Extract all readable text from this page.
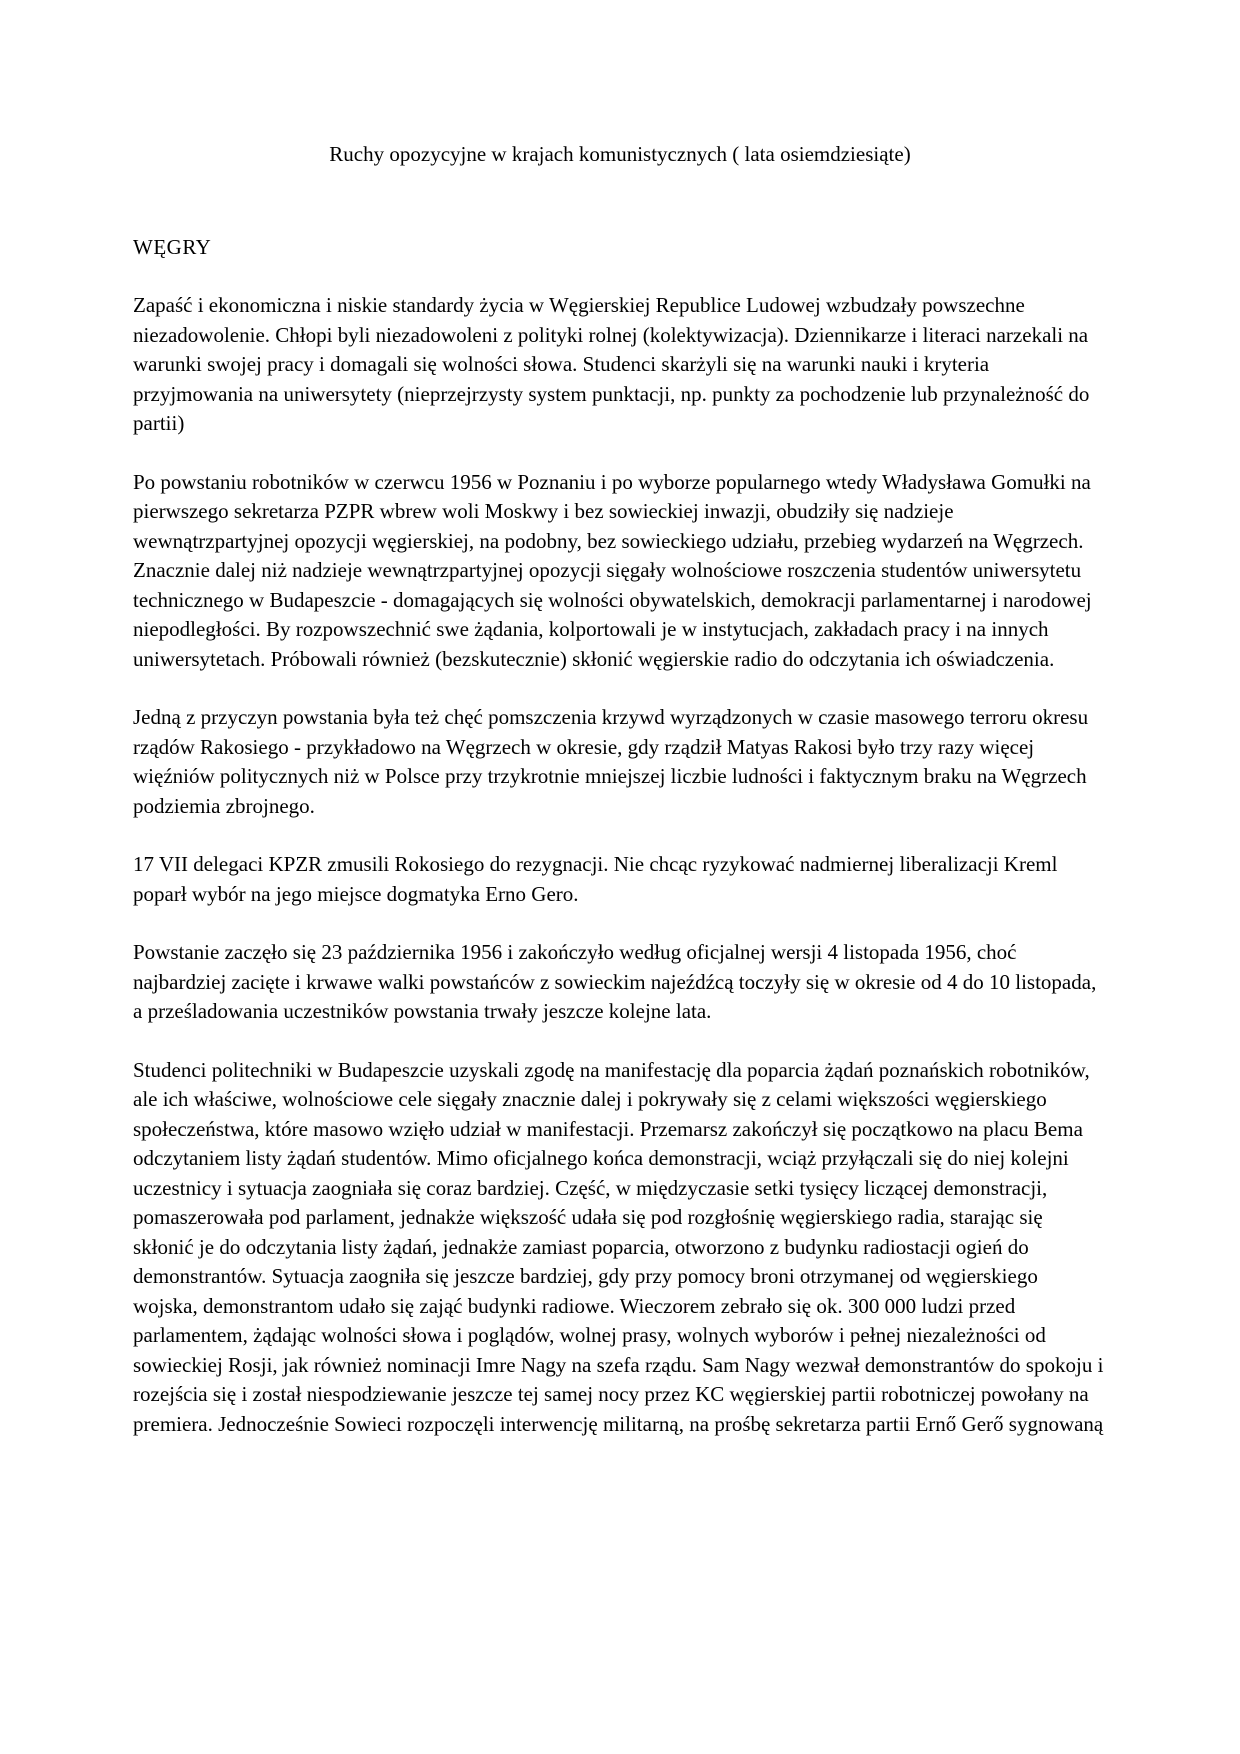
Ruchy opozycyjne w krajach komunistycznych ( lata osiemdziesiąte)

WĘGRY

Zapaść i ekonomiczna i niskie standardy życia w Węgierskiej Republice Ludowej wzbudzały powszechne niezadowolenie. Chłopi byli niezadowoleni z polityki rolnej (kolektywizacja). Dziennikarze i literaci narzekali na warunki swojej pracy i domagali się wolności słowa. Studenci skarżyli się na warunki nauki i kryteria przyjmowania na uniwersytety (nieprzejrzysty system punktacji, np. punkty za pochodzenie lub przynależność do partii)

Po powstaniu robotników w czerwcu 1956 w Poznaniu i po wyborze popularnego wtedy Władysława Gomułki na pierwszego sekretarza PZPR wbrew woli Moskwy i bez sowieckiej inwazji, obudziły się nadzieje wewnątrzpartyjnej opozycji węgierskiej, na podobny, bez sowieckiego udziału, przebieg wydarzeń na Węgrzech. Znacznie dalej niż nadzieje wewnątrzpartyjnej opozycji sięgały wolnościowe roszczenia studentów uniwersytetu technicznego w Budapeszcie - domagających się wolności obywatelskich, demokracji parlamentarnej i narodowej niepodległości. By rozpowszechnić swe żądania, kolportowali je w instytucjach, zakładach pracy i na innych uniwersytetach. Próbowali również (bezskutecznie) skłonić węgierskie radio do odczytania ich oświadczenia.

Jedną z przyczyn powstania była też chęć pomszczenia krzywd wyrządzonych w czasie masowego terroru okresu rządów Rakosiego - przykładowo na Węgrzech w okresie, gdy rządził Matyas Rakosi było trzy razy więcej więźniów politycznych niż w Polsce przy trzykrotnie mniejszej liczbie ludności i faktycznym braku na Węgrzech podziemia zbrojnego.

17 VII delegaci KPZR zmusili Rokosiego do rezygnacji. Nie chcąc ryzykować nadmiernej liberalizacji Kreml poparł wybór na jego miejsce dogmatyka Erno Gero.

Powstanie zaczęło się 23 października 1956 i zakończyło według oficjalnej wersji 4 listopada 1956, choć najbardziej zacięte i krwawe walki powstańców z sowieckim najeźdźcą toczyły się w okresie od 4 do 10 listopada, a prześladowania uczestników powstania trwały jeszcze kolejne lata.

Studenci politechniki w Budapeszcie uzyskali zgodę na manifestację dla poparcia żądań poznańskich robotników, ale ich właściwe, wolnościowe cele sięgały znacznie dalej i pokrywały się z celami większości węgierskiego społeczeństwa, które masowo wzięło udział w manifestacji. Przemarsz zakończył się początkowo na placu Bema odczytaniem listy żądań studentów. Mimo oficjalnego końca demonstracji, wciąż przyłączali się do niej kolejni uczestnicy i sytuacja zaogniała się coraz bardziej. Część, w międzyczasie setki tysięcy liczącej demonstracji, pomaszerowała pod parlament, jednakże większość udała się pod rozgłośnię węgierskiego radia, starając się skłonić je do odczytania listy żądań, jednakże zamiast poparcia, otworzono z budynku radiostacji ogień do demonstrantów. Sytuacja zaogniła się jeszcze bardziej, gdy przy pomocy broni otrzymanej od węgierskiego wojska, demonstrantom udało się zająć budynki radiowe. Wieczorem zebrało się ok. 300 000 ludzi przed parlamentem, żądając wolności słowa i poglądów, wolnej prasy, wolnych wyborów i pełnej niezależności od sowieckiej Rosji, jak również nominacji Imre Nagy na szefa rządu. Sam Nagy wezwał demonstrantów do spokoju i rozejścia się i został niespodziewanie jeszcze tej samej nocy przez KC węgierskiej partii robotniczej powołany na premiera. Jednocześnie Sowieci rozpoczęli interwencję militarną, na prośbę sekretarza partii Ernő Gerő sygnowaną
